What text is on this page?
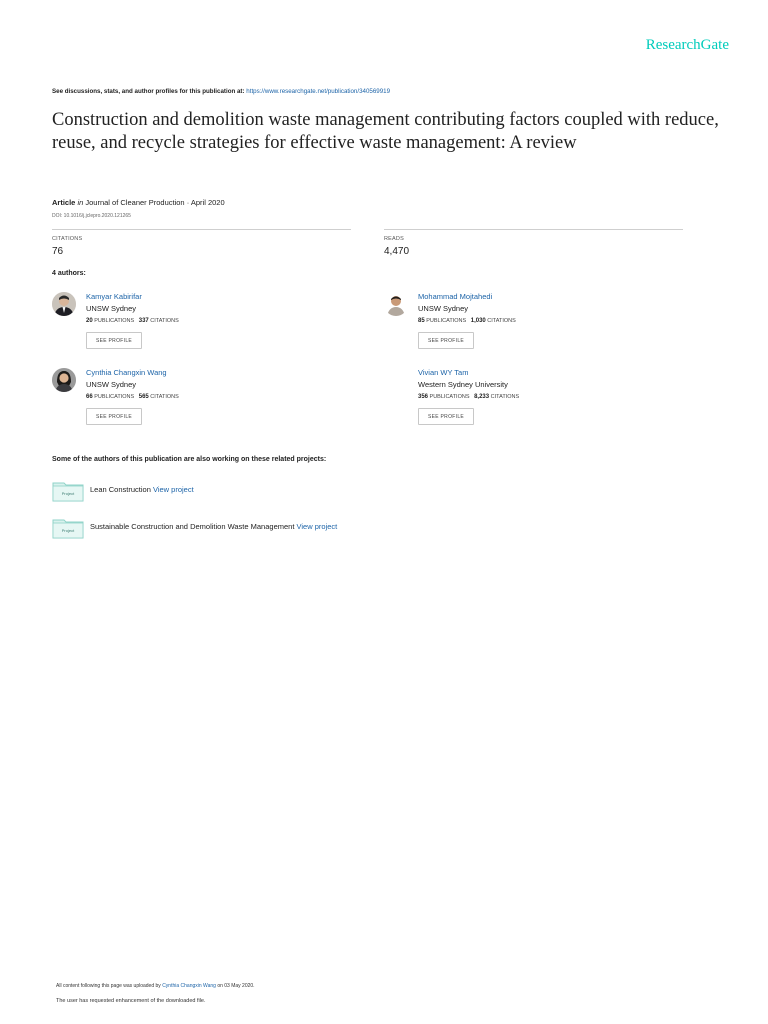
ResearchGate
See discussions, stats, and author profiles for this publication at: https://www.researchgate.net/publication/340569919
Construction and demolition waste management contributing factors coupled with reduce, reuse, and recycle strategies for effective waste management: A review
Article in Journal of Cleaner Production · April 2020
DOI: 10.1016/j.jclepro.2020.121265
CITATIONS
76
READS
4,470
4 authors:
Kamyar Kabirifar
UNSW Sydney
20 PUBLICATIONS 337 CITATIONS
SEE PROFILE
Mohammad Mojtahedi
UNSW Sydney
85 PUBLICATIONS 1,030 CITATIONS
SEE PROFILE
Cynthia Changxin Wang
UNSW Sydney
66 PUBLICATIONS 565 CITATIONS
SEE PROFILE
Vivian WY Tam
Western Sydney University
356 PUBLICATIONS 8,233 CITATIONS
SEE PROFILE
Some of the authors of this publication are also working on these related projects:
Project Lean Construction View project
Project Sustainable Construction and Demolition Waste Management View project
All content following this page was uploaded by Cynthia Changxin Wang on 03 May 2020.
The user has requested enhancement of the downloaded file.
